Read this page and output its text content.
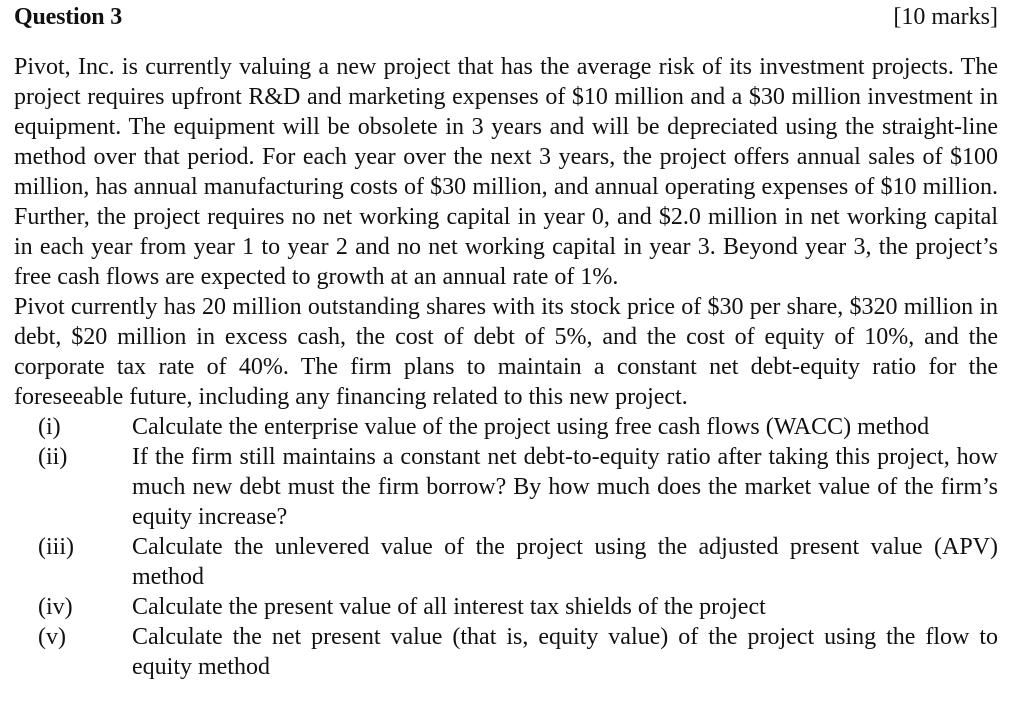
Question 3	[10 marks]

Pivot, Inc. is currently valuing a new project that has the average risk of its investment projects. The project requires upfront R&D and marketing expenses of $10 million and a $30 million investment in equipment. The equipment will be obsolete in 3 years and will be depreciated using the straight-line method over that period. For each year over the next 3 years, the project offers annual sales of $100 million, has annual manufacturing costs of $30 million, and annual operating expenses of $10 million. Further, the project requires no net working capital in year 0, and $2.0 million in net working capital in each year from year 1 to year 2 and no net working capital in year 3. Beyond year 3, the project’s free cash flows are expected to growth at an annual rate of 1%.

Pivot currently has 20 million outstanding shares with its stock price of $30 per share, $320 million in debt, $20 million in excess cash, the cost of debt of 5%, and the cost of equity of 10%, and the corporate tax rate of 40%. The firm plans to maintain a constant net debt-equity ratio for the foreseeable future, including any financing related to this new project.

(i)	Calculate the enterprise value of the project using free cash flows (WACC) method
(ii)	If the firm still maintains a constant net debt-to-equity ratio after taking this project, how much new debt must the firm borrow? By how much does the market value of the firm’s equity increase?
(iii)	Calculate the unlevered value of the project using the adjusted present value (APV) method
(iv)	Calculate the present value of all interest tax shields of the project
(v)	Calculate the net present value (that is, equity value) of the project using the flow to equity method
